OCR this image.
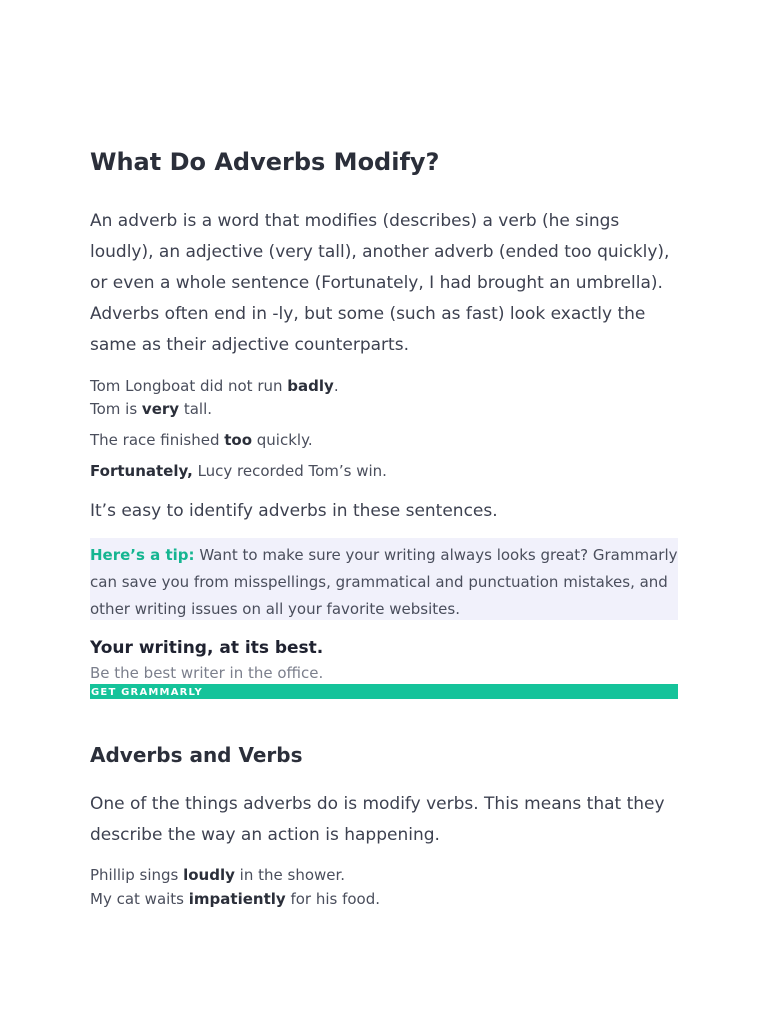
What Do Adverbs Modify?

An adverb is a word that modifies (describes) a verb (he sings loudly), an adjective (very tall), another adverb (ended too quickly), or even a whole sentence (Fortunately, I had brought an umbrella). Adverbs often end in -ly, but some (such as fast) look exactly the same as their adjective counterparts.

Tom Longboat did not run badly.

Tom is very tall.

The race finished too quickly.

Fortunately, Lucy recorded Tom’s win.

It’s easy to identify adverbs in these sentences.

Here’s a tip: Want to make sure your writing always looks great? Grammarly can save you from misspellings, grammatical and punctuation mistakes, and other writing issues on all your favorite websites.

Your writing, at its best.

Be the best writer in the office.

GET GRAMMARLY
Adverbs and Verbs

One of the things adverbs do is modify verbs. This means that they describe the way an action is happening.

Phillip sings loudly in the shower.

My cat waits impatiently for his food.
